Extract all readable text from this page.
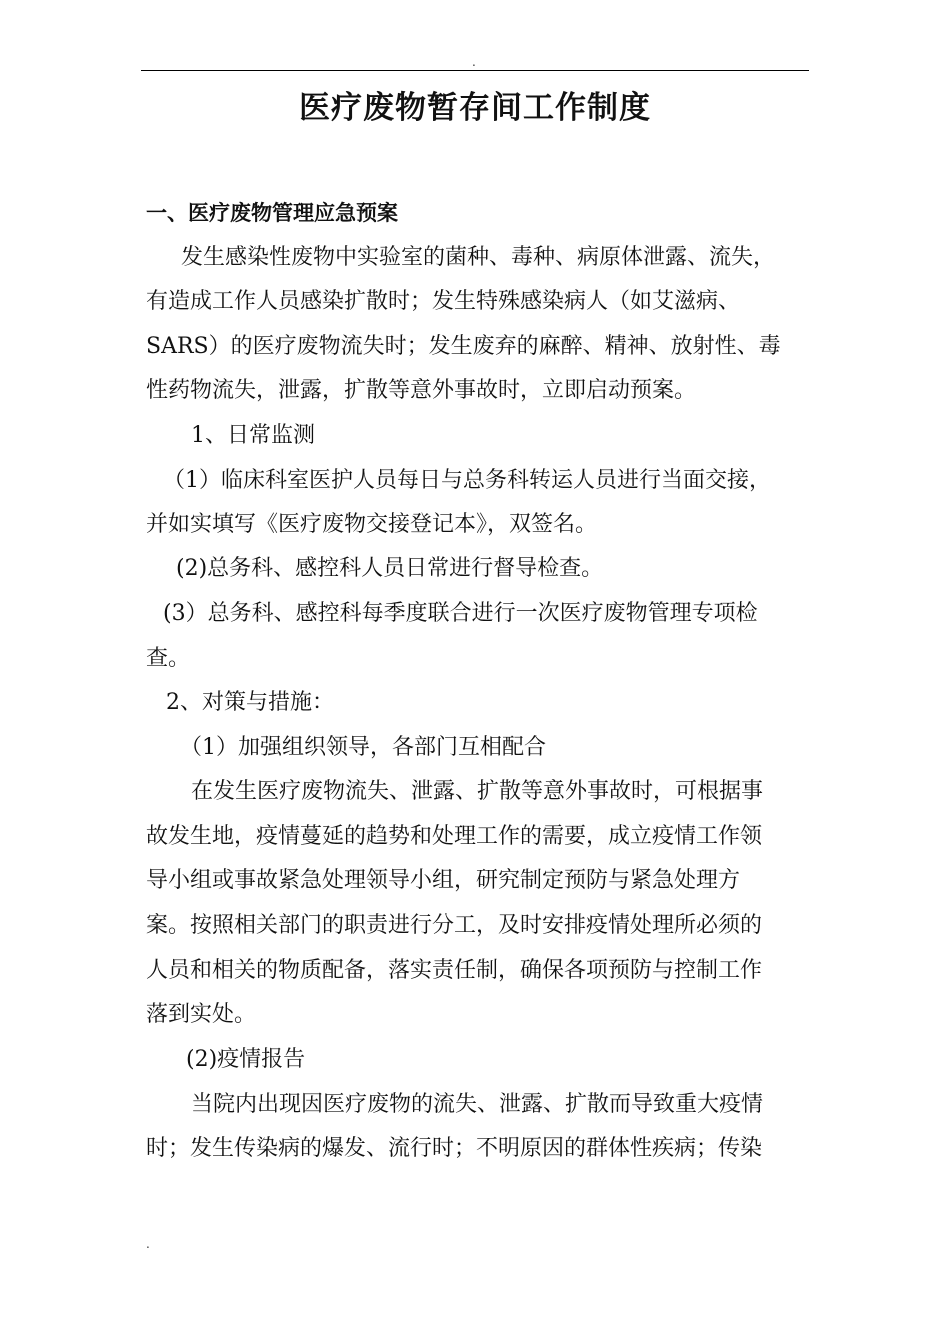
.
医疗废物暂存间工作制度
一、医疗废物管理应急预案
发生感染性废物中实验室的菌种、毒种、病原体泄露、流失，
有造成工作人员感染扩散时；发生特殊感染病人（如艾滋病、
SARS）的医疗废物流失时；发生废弃的麻醉、精神、放射性、毒
性药物流失，泄露，扩散等意外事故时，立即启动预案。
1、日常监测
（1）临床科室医护人员每日与总务科转运人员进行当面交接，
并如实填写《医疗废物交接登记本》，双签名。
(2)总务科、感控科人员日常进行督导检查。
(3）总务科、感控科每季度联合进行一次医疗废物管理专项检
查。
2、对策与措施：
（1）加强组织领导，各部门互相配合
在发生医疗废物流失、泄露、扩散等意外事故时，可根据事
故发生地，疫情蔓延的趋势和处理工作的需要，成立疫情工作领
导小组或事故紧急处理领导小组，研究制定预防与紧急处理方
案。按照相关部门的职责进行分工，及时安排疫情处理所必须的
人员和相关的物质配备，落实责任制，确保各项预防与控制工作
落到实处。
(2)疫情报告
当院内出现因医疗废物的流失、泄露、扩散而导致重大疫情
时；发生传染病的爆发、流行时；不明原因的群体性疾病；传染
.
